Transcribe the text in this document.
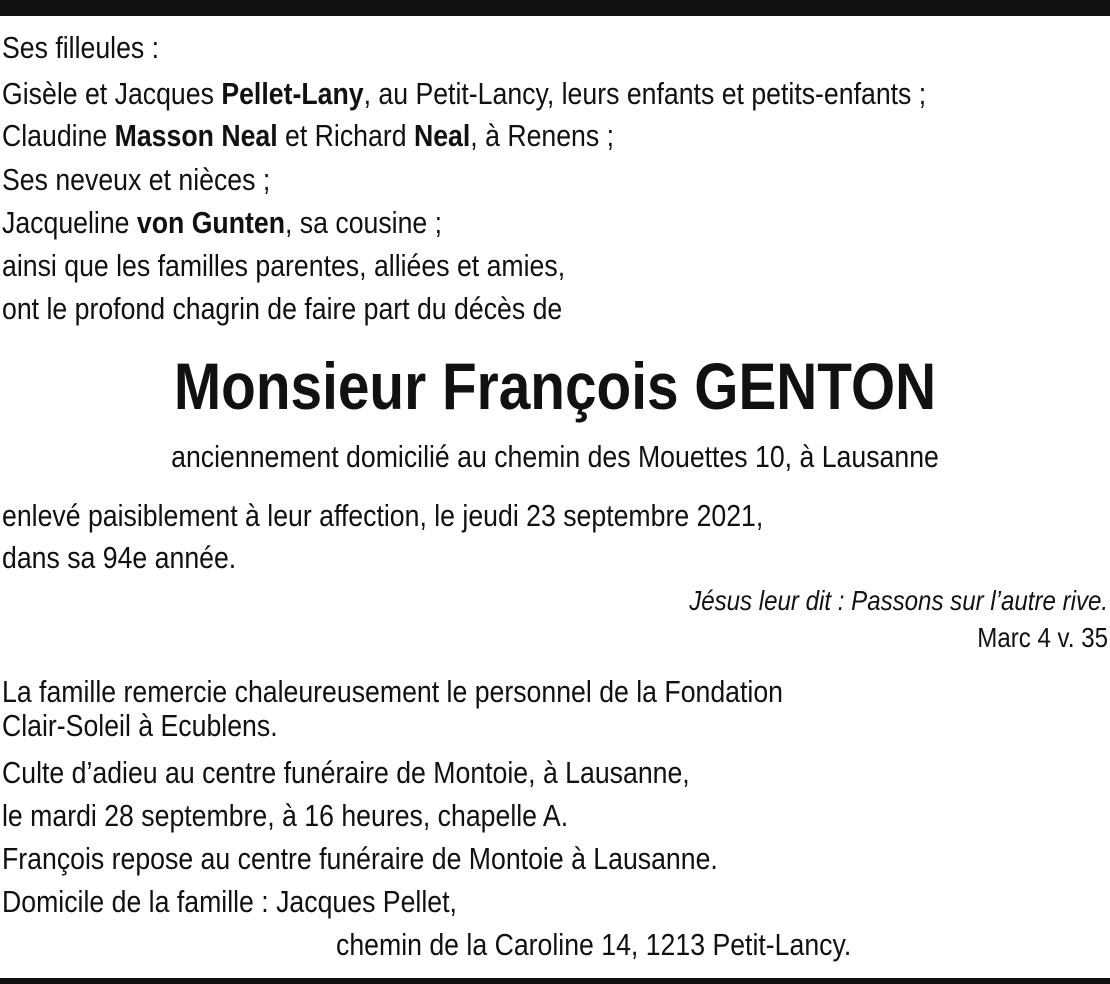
Ses filleules :

Gisèle et Jacques Pellet-Lany, au Petit-Lancy, leurs enfants et petits-enfants ;

Claudine Masson Neal et Richard Neal, à Renens ;

Ses neveux et nièces ;

Jacqueline von Gunten, sa cousine ;

ainsi que les familles parentes, alliées et amies,

ont le profond chagrin de faire part du décès de

Monsieur François GENTON

anciennement domicilié au chemin des Mouettes 10, à Lausanne

enlevé paisiblement à leur affection, le jeudi 23 septembre 2021,

dans sa 94e année.

Jésus leur dit : Passons sur l’autre rive.

Marc 4 v. 35

La famille remercie chaleureusement le personnel de la Fondation

Clair-Soleil à Ecublens.

Culte d’adieu au centre funéraire de Montoie, à Lausanne,

le mardi 28 septembre, à 16 heures, chapelle A.

François repose au centre funéraire de Montoie à Lausanne.

Domicile de la famille : Jacques Pellet,

chemin de la Caroline 14, 1213 Petit-Lancy.
